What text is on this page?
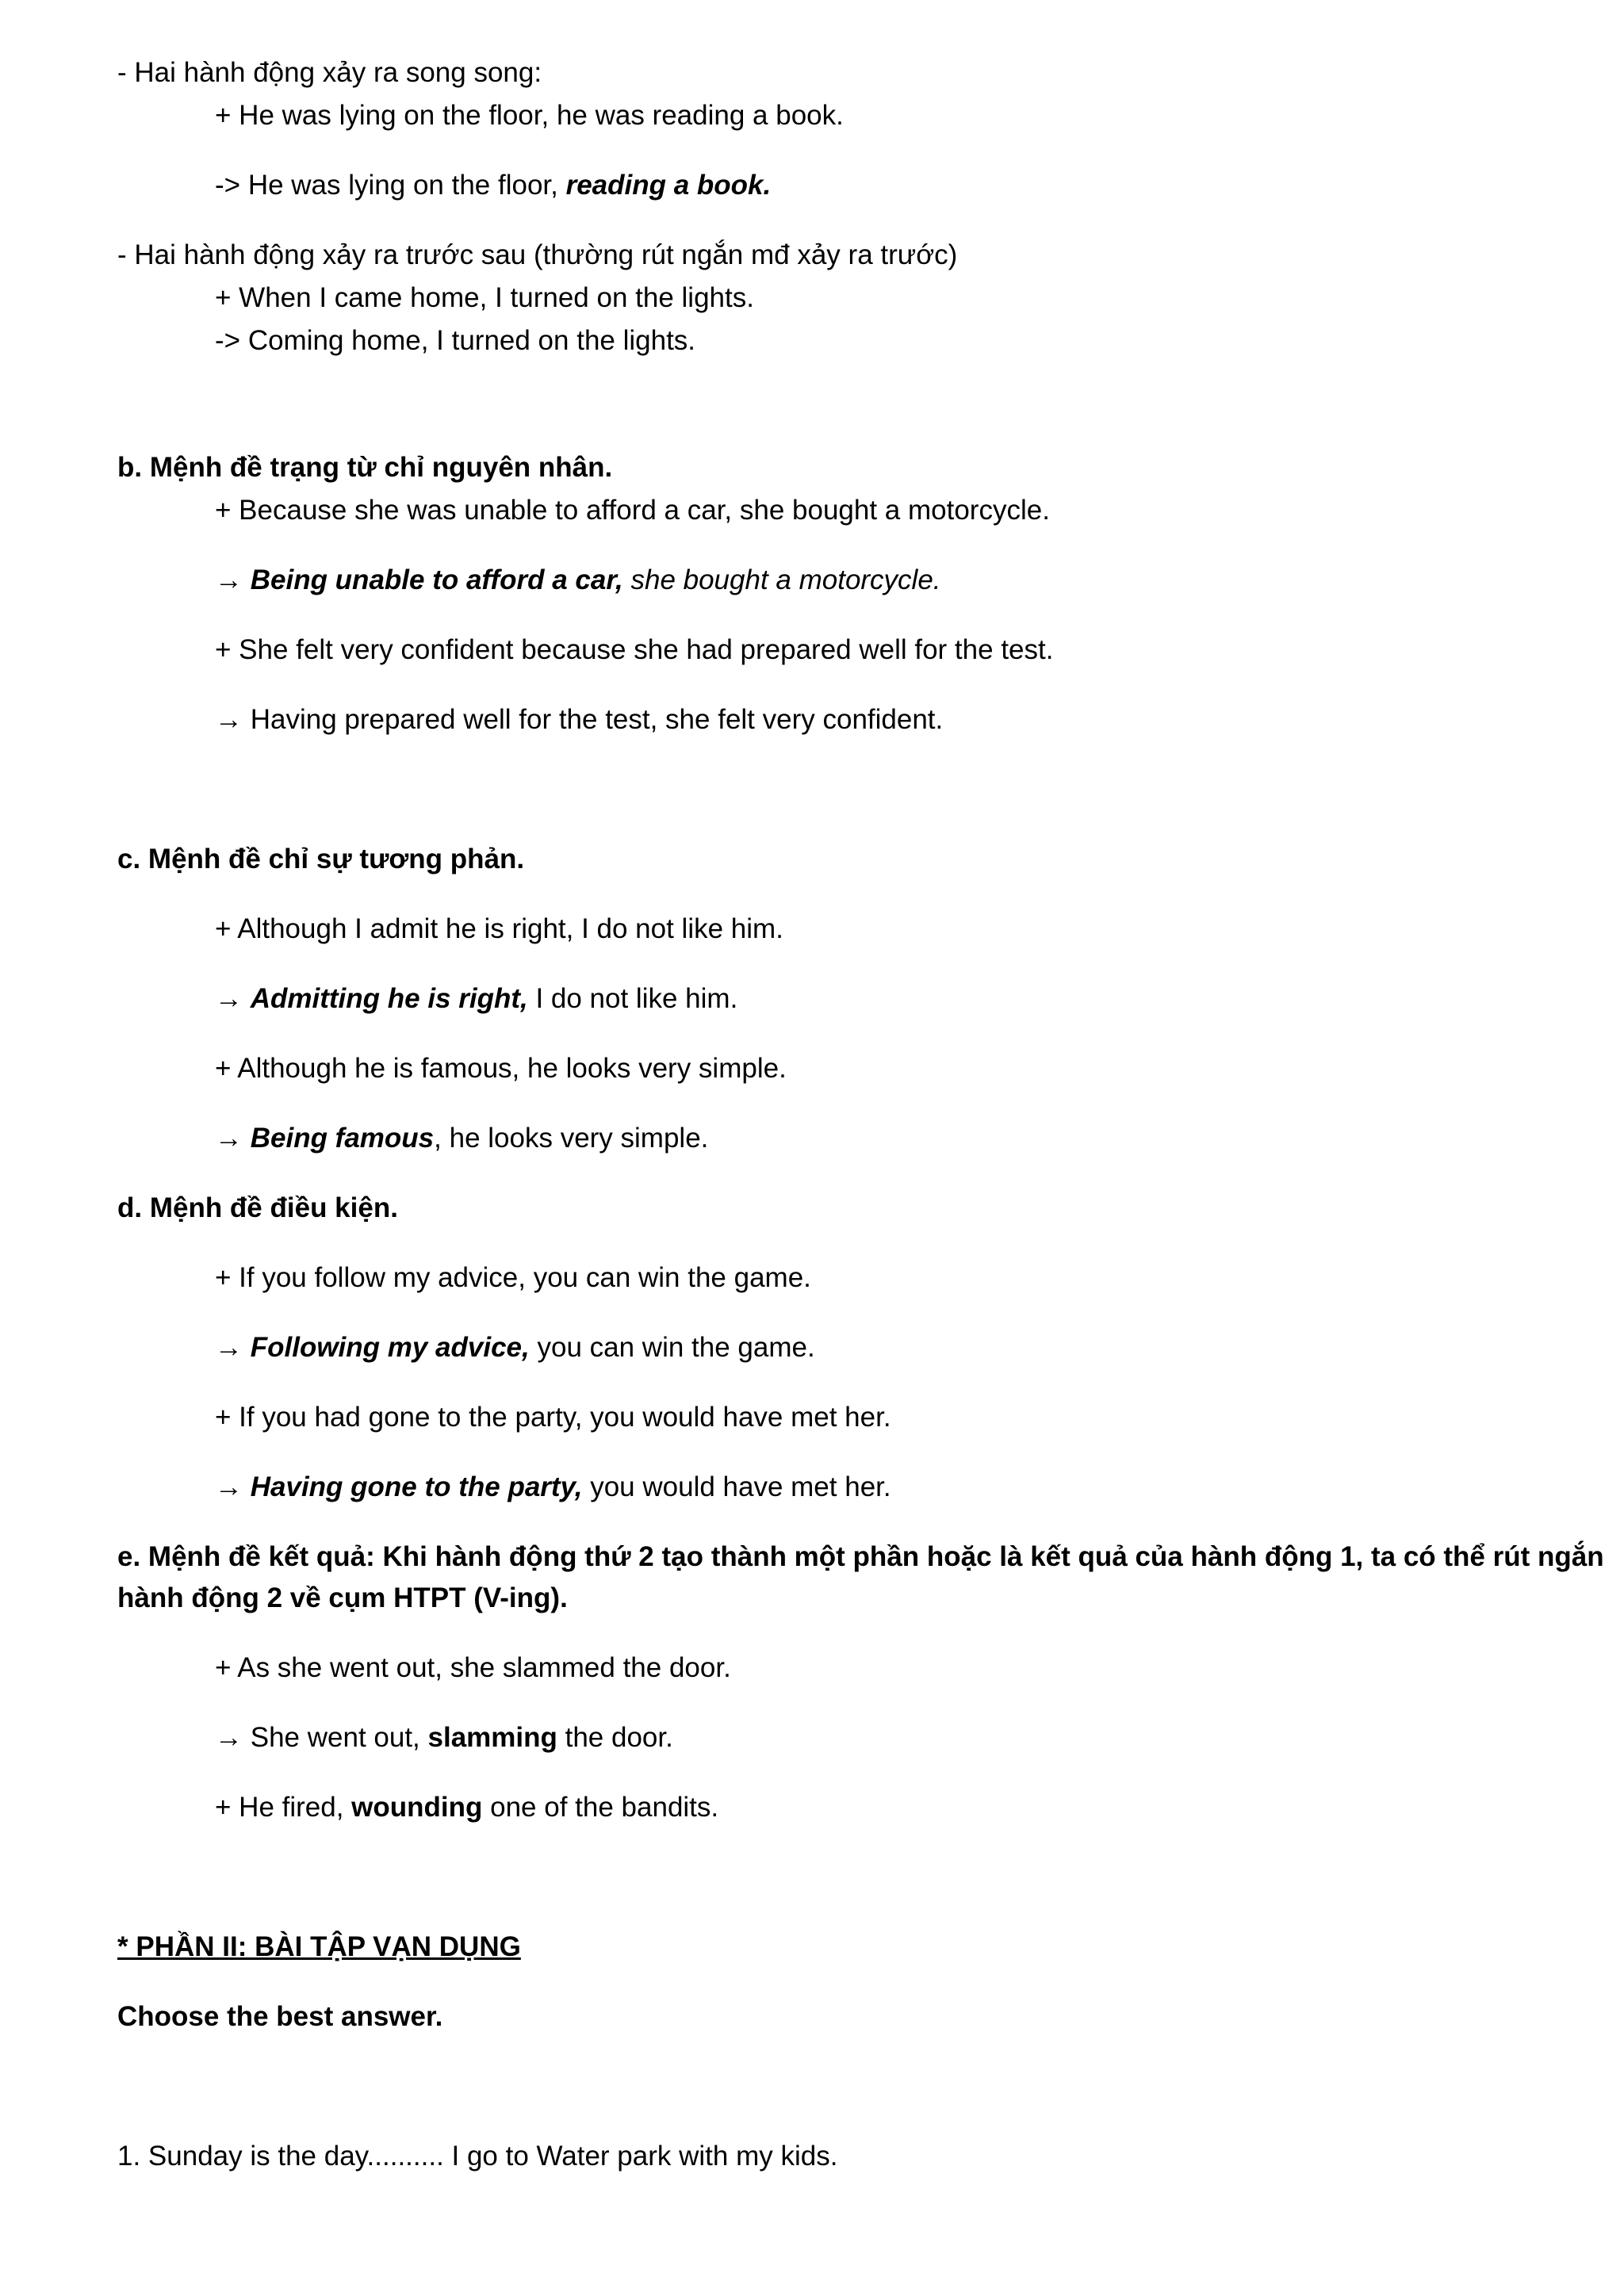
- Hai hành động xảy ra song song:
+ He was lying on the floor, he was reading a book.
-> He was lying on the floor, reading a book.
- Hai hành động xảy ra trước sau (thường rút ngắn mđ xảy ra trước)
+ When I came home, I turned on the lights.
-> Coming home, I turned on the lights.
b. Mệnh đề trạng từ chỉ nguyên nhân.
+ Because she was unable to afford a car, she bought a motorcycle.
→ Being unable to afford a car, she bought a motorcycle.
+ She felt very confident because she had prepared well for the test.
→ Having prepared well for the test, she felt very confident.
c. Mệnh đề chỉ sự tương phản.
+ Although I admit he is right, I do not like him.
→ Admitting he is right, I do not like him.
+ Although he is famous, he looks very simple.
→ Being famous, he looks very simple.
d. Mệnh đề điều kiện.
+ If you follow my advice, you can win the game.
→ Following my advice, you can win the game.
+ If you had gone to the party, you would have met her.
→ Having gone to the party, you would have met her.
e. Mệnh đề kết quả: Khi hành động thứ 2 tạo thành một phần hoặc là kết quả của hành động 1, ta có thể rút ngắn
hành động 2 về cụm HTPT (V-ing).
+ As she went out, she slammed the door.
→ She went out, slamming the door.
+ He fired, wounding one of the bandits.
* PHẦN II: BÀI TẬP VẠN DỤNG
Choose the best answer.
1. Sunday is the day.......... I go to Water park with my kids.
